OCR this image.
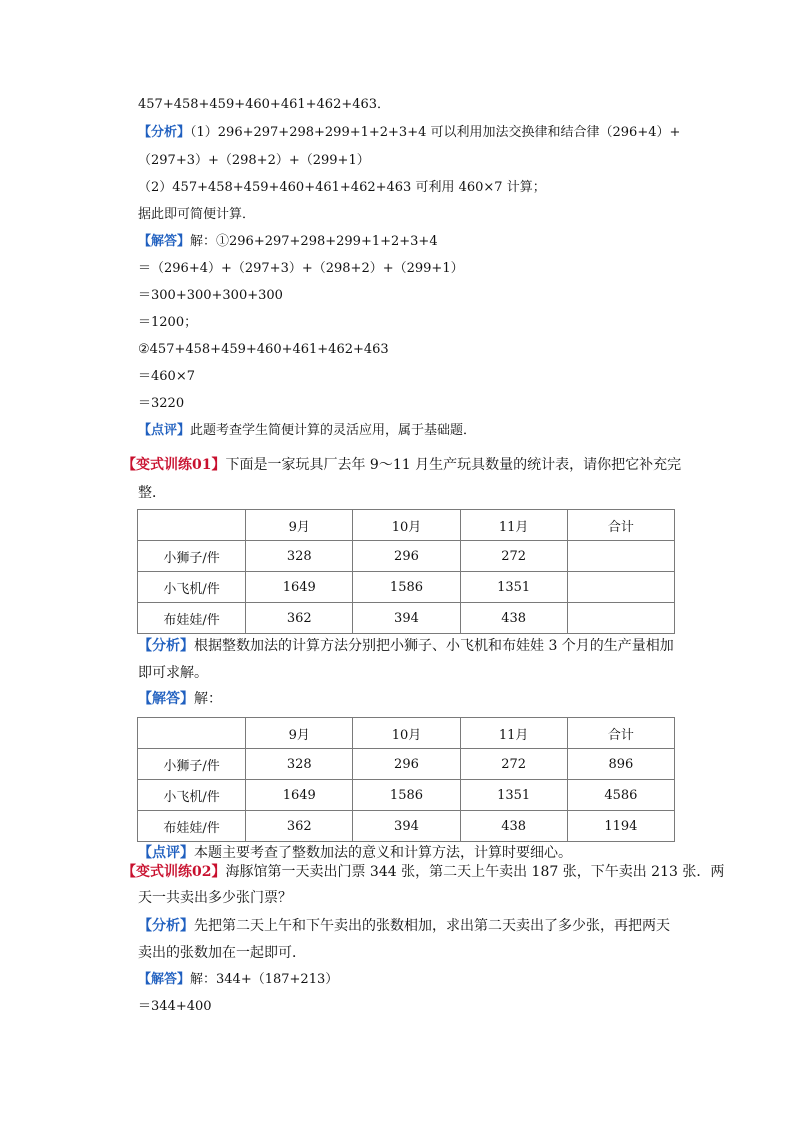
457+458+459+460+461+462+463．
【分析】（1）296+297+298+299+1+2+3+4 可以利用加法交换律和结合律（296+4）+
（297+3）+（298+2）+（299+1）
（2）457+458+459+460+461+462+463 可利用 460×7 计算；
据此即可简便计算．
【解答】解：①296+297+298+299+1+2+3+4
＝（296+4）+（297+3）+（298+2）+（299+1）
＝300+300+300+300
＝1200；
②457+458+459+460+461+462+463
＝460×7
＝3220
【点评】此题考查学生简便计算的灵活应用，属于基础题．
【变式训练01】下面是一家玩具厂去年 9～11 月生产玩具数量的统计表，请你把它补充完
整．
	9月	10月	11月	合计
小狮子/件	328	296	272	
小飞机/件	1649	1586	1351	
布娃娃/件	362	394	438	
【分析】根据整数加法的计算方法分别把小狮子、小飞机和布娃娃 3 个月的生产量相加
即可求解。
【解答】解：
	9月	10月	11月	合计
小狮子/件	328	296	272	896
小飞机/件	1649	1586	1351	4586
布娃娃/件	362	394	438	1194
【点评】本题主要考查了整数加法的意义和计算方法，计算时要细心。
【变式训练02】海豚馆第一天卖出门票 344 张，第二天上午卖出 187 张，下午卖出 213 张．两
天一共卖出多少张门票？
【分析】先把第二天上午和下午卖出的张数相加，求出第二天卖出了多少张，再把两天
卖出的张数加在一起即可．
【解答】解：344+（187+213）
＝344+400
